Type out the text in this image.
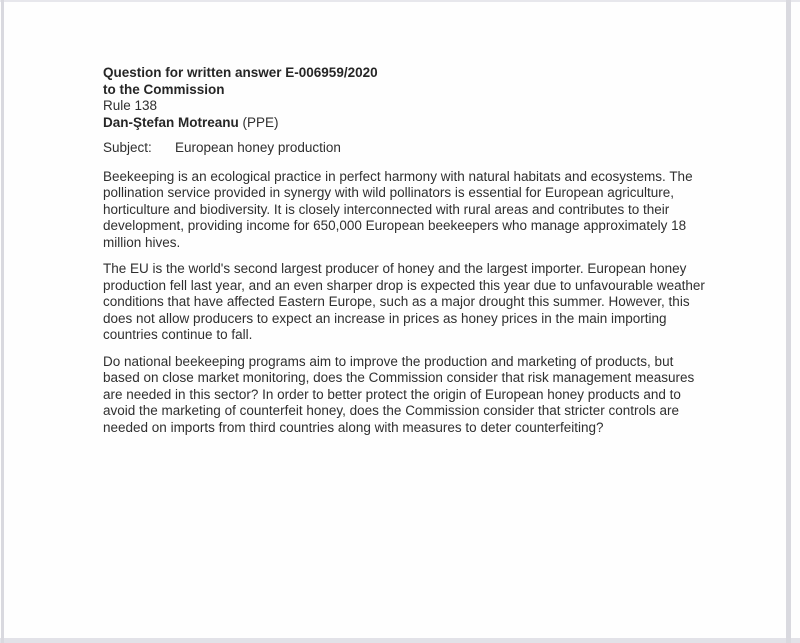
Question for written answer E-006959/2020
to the Commission
Rule 138
Dan-Ştefan Motreanu (PPE)
Subject: European honey production

Beekeeping is an ecological practice in perfect harmony with natural habitats and ecosystems. The pollination service provided in synergy with wild pollinators is essential for European agriculture, horticulture and biodiversity. It is closely interconnected with rural areas and contributes to their development, providing income for 650,000 European beekeepers who manage approximately 18 million hives.

The EU is the world's second largest producer of honey and the largest importer. European honey production fell last year, and an even sharper drop is expected this year due to unfavourable weather conditions that have affected Eastern Europe, such as a major drought this summer. However, this does not allow producers to expect an increase in prices as honey prices in the main importing countries continue to fall.

Do national beekeeping programs aim to improve the production and marketing of products, but based on close market monitoring, does the Commission consider that risk management measures are needed in this sector? In order to better protect the origin of European honey products and to avoid the marketing of counterfeit honey, does the Commission consider that stricter controls are needed on imports from third countries along with measures to deter counterfeiting?
